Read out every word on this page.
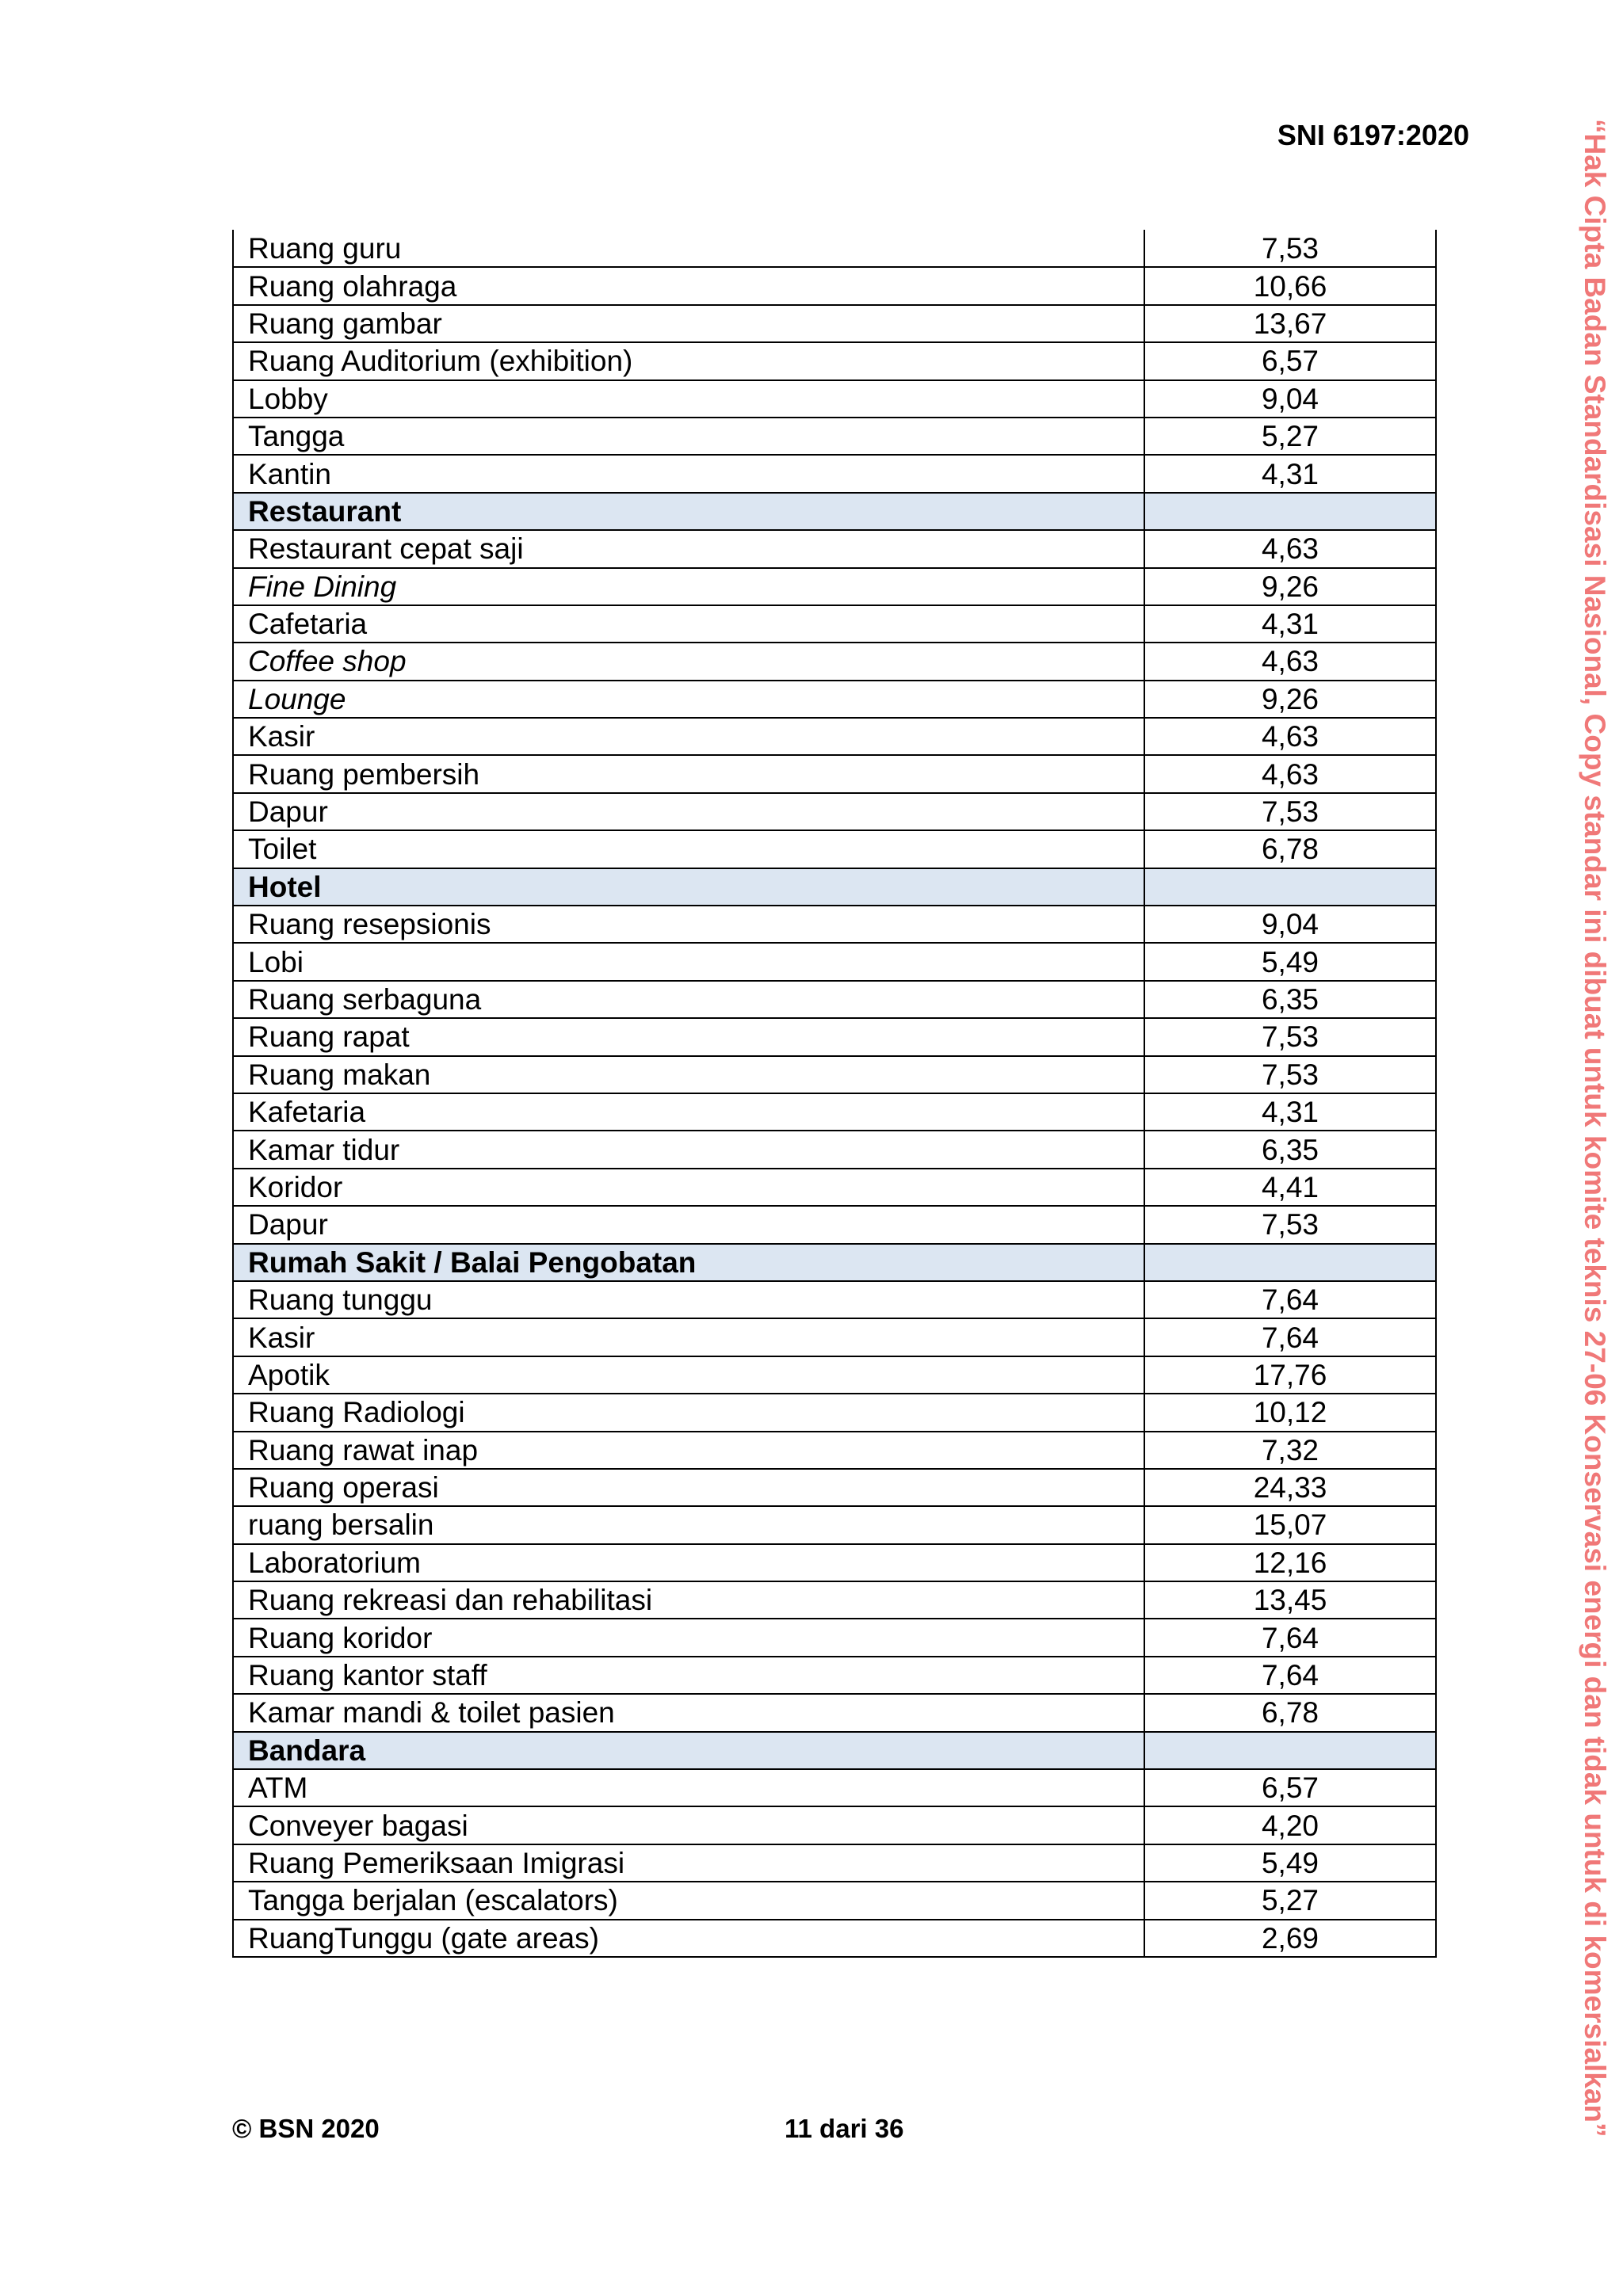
SNI 6197:2020	“Hak Cipta Badan Standardisasi Nasional, Copy standar ini dibuat untuk komite teknis 27-06 Konservasi energi dan tidak untuk di komersialkan”
Ruang guru	7,53
Ruang olahraga	10,66
Ruang gambar	13,67
Ruang Auditorium (exhibition)	6,57
Lobby	9,04
Tangga	5,27
Kantin	4,31
Restaurant	
Restaurant cepat saji	4,63
Fine Dining	9,26
Cafetaria	4,31
Coffee shop	4,63
Lounge	9,26
Kasir	4,63
Ruang pembersih	4,63
Dapur	7,53
Toilet	6,78
Hotel	
Ruang resepsionis	9,04
Lobi	5,49
Ruang serbaguna	6,35
Ruang rapat	7,53
Ruang makan	7,53
Kafetaria	4,31
Kamar tidur	6,35
Koridor	4,41
Dapur	7,53
Rumah Sakit / Balai Pengobatan	
Ruang tunggu	7,64
Kasir	7,64
Apotik	17,76
Ruang Radiologi	10,12
Ruang rawat inap	7,32
Ruang operasi	24,33
ruang bersalin	15,07
Laboratorium	12,16
Ruang rekreasi dan rehabilitasi	13,45
Ruang koridor	7,64
Ruang kantor staff	7,64
Kamar mandi & toilet pasien	6,78
Bandara	
ATM	6,57
Conveyer bagasi	4,20
Ruang Pemeriksaan Imigrasi	5,49
Tangga berjalan (escalators)	5,27
RuangTunggu (gate areas)	2,69
© BSN 2020	11 dari 36
